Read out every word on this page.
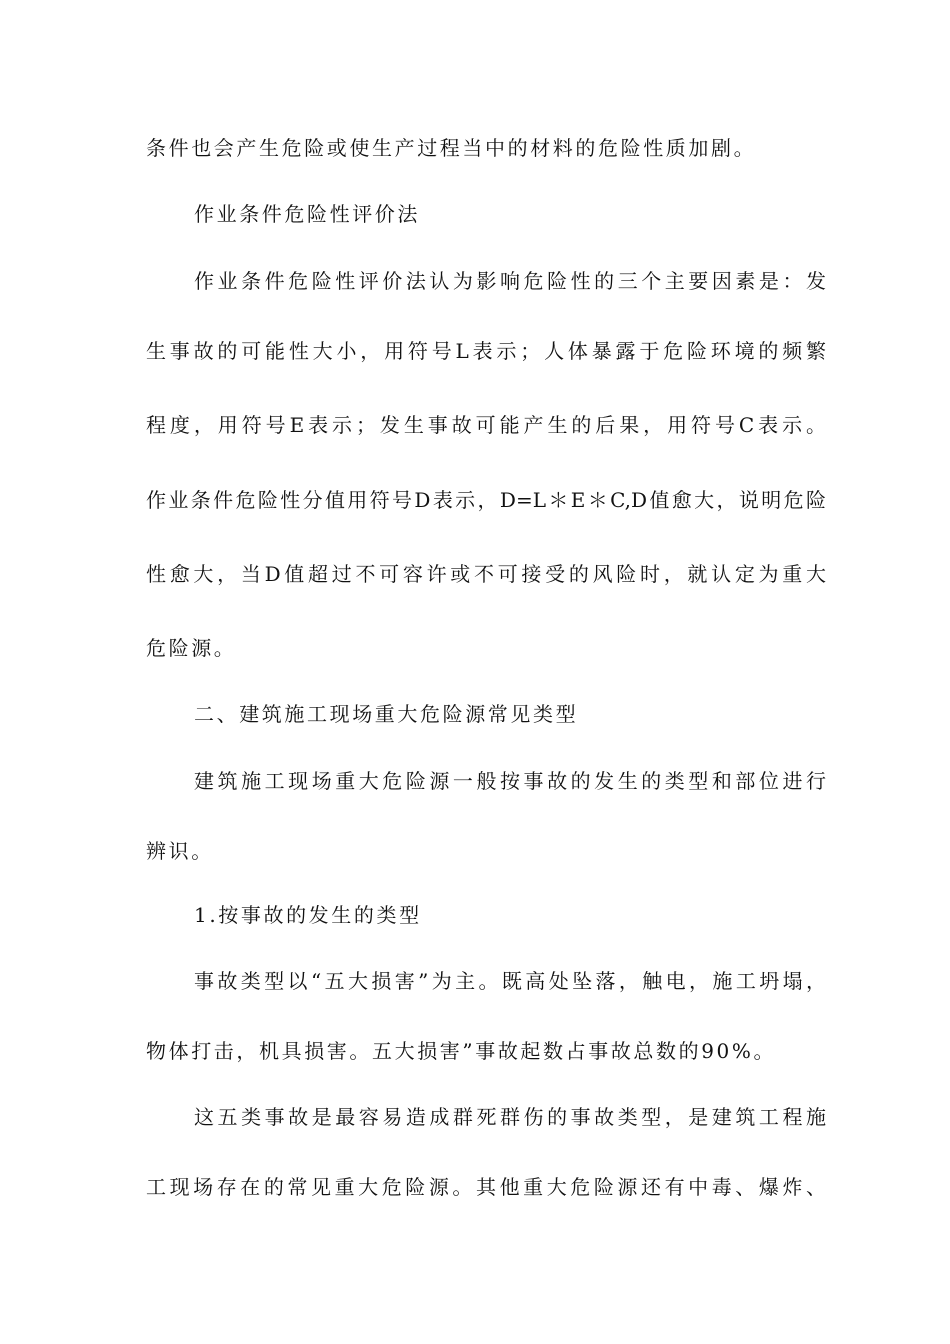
条件也会产生危险或使生产过程当中的材料的危险性质加剧。
作业条件危险性评价法
作业条件危险性评价法认为影响危险性的三个主要因素是：发
生事故的可能性大小，用符号L表示；人体暴露于危险环境的频繁
程度，用符号E表示；发生事故可能产生的后果，用符号C表示。
作业条件危险性分值用符号D表示，D=L＊E＊C,D值愈大，说明危险
性愈大，当D值超过不可容许或不可接受的风险时，就认定为重大
危险源。
二、建筑施工现场重大危险源常见类型
建筑施工现场重大危险源一般按事故的发生的类型和部位进行
辨识。
1.按事故的发生的类型
事故类型以“五大损害”为主。既高处坠落，触电，施工坍塌，
物体打击，机具损害。五大损害”事故起数占事故总数的90%。
这五类事故是最容易造成群死群伤的事故类型，是建筑工程施
工现场存在的常见重大危险源。其他重大危险源还有中毒、爆炸、
